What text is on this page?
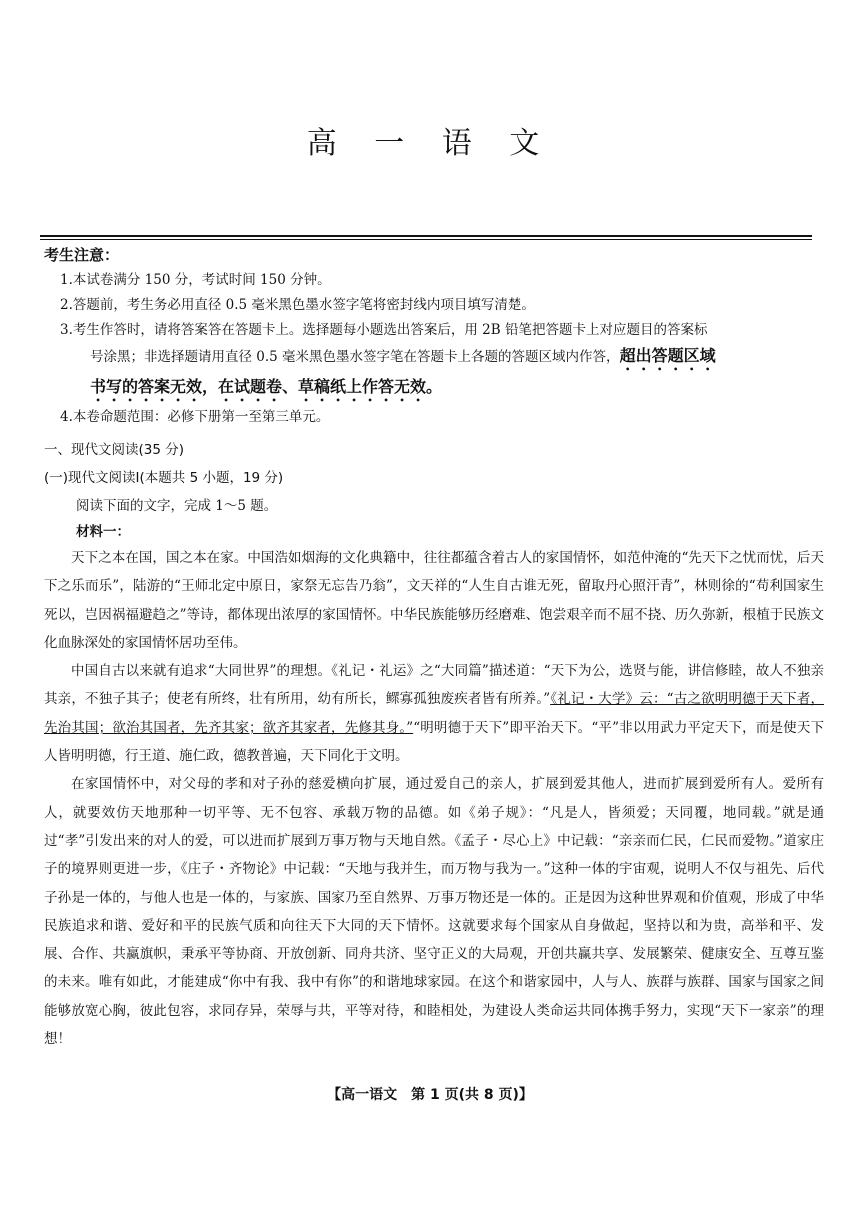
高 一 语 文
考生注意：

1.本试卷满分 150 分，考试时间 150 分钟。

2.答题前，考生务必用直径 0.5 毫米黑色墨水签字笔将密封线内项目填写清楚。

3.考生作答时，请将答案答在答题卡上。选择题每小题选出答案后，用 2B 铅笔把答题卡上对应题目的答案标

号涂黑；非选择题请用直径 0.5 毫米黑色墨水签字笔在答题卡上各题的答题区域内作答，超出答题区域

书写的答案无效，在试题卷、草稿纸上作答无效。

4.本卷命题范围：必修下册第一至第三单元。

一、现代文阅读(35 分)
(一)现代文阅读Ⅰ(本题共 5 小题，19 分)
阅读下面的文字，完成 1～5 题。
材料一：

天下之本在国，国之本在家。中国浩如烟海的文化典籍中，往往都蕴含着古人的家国情怀，如范仲淹的“先天下之忧而忧，后天下之乐而乐”，陆游的“王师北定中原日，家祭无忘告乃翁”，文天祥的“人生自古谁无死，留取丹心照汗青”，林则徐的“苟利国家生死以，岂因祸福避趋之”等诗，都体现出浓厚的家国情怀。中华民族能够历经磨难、饱尝艰辛而不屈不挠、历久弥新，根植于民族文化血脉深处的家国情怀居功至伟。

中国自古以来就有追求“大同世界”的理想。《礼记・礼运》之“大同篇”描述道：“天下为公，选贤与能，讲信修睦，故人不独亲其亲，不独子其子；使老有所终，壮有所用，幼有所长，鳏寡孤独废疾者皆有所养。”《礼记・大学》云：“古之欲明明德于天下者，先治其国；欲治其国者，先齐其家；欲齐其家者，先修其身。”“明明德于天下”即平治天下。“平”非以用武力平定天下，而是使天下人皆明明德，行王道、施仁政，德教普遍，天下同化于文明。

在家国情怀中，对父母的孝和对子孙的慈爱横向扩展，通过爱自己的亲人，扩展到爱其他人，进而扩展到爱所有人。爱所有人，就要效仿天地那种一切平等、无不包容、承载万物的品德。如《弟子规》：“凡是人，皆须爱；天同覆，地同载。”就是通过“孝”引发出来的对人的爱，可以进而扩展到万事万物与天地自然。《孟子・尽心上》中记载：“亲亲而仁民，仁民而爱物。”道家庄子的境界则更进一步，《庄子・齐物论》中记载：“天地与我并生，而万物与我为一。”这种一体的宇宙观，说明人不仅与祖先、后代子孙是一体的，与他人也是一体的，与家族、国家乃至自然界、万事万物还是一体的。正是因为这种世界观和价值观，形成了中华民族追求和谐、爱好和平的民族气质和向往天下大同的天下情怀。这就要求每个国家从自身做起，坚持以和为贵，高举和平、发展、合作、共赢旗帜，秉承平等协商、开放创新、同舟共济、坚守正义的大局观，开创共赢共享、发展繁荣、健康安全、互尊互鉴的未来。唯有如此，才能建成“你中有我、我中有你”的和谐地球家园。在这个和谐家园中，人与人、族群与族群、国家与国家之间能够放宽心胸，彼此包容，求同存异，荣辱与共，平等对待，和睦相处，为建设人类命运共同体携手努力，实现“天下一家亲”的理想！

【高一语文　第 1 页(共 8 页)】
